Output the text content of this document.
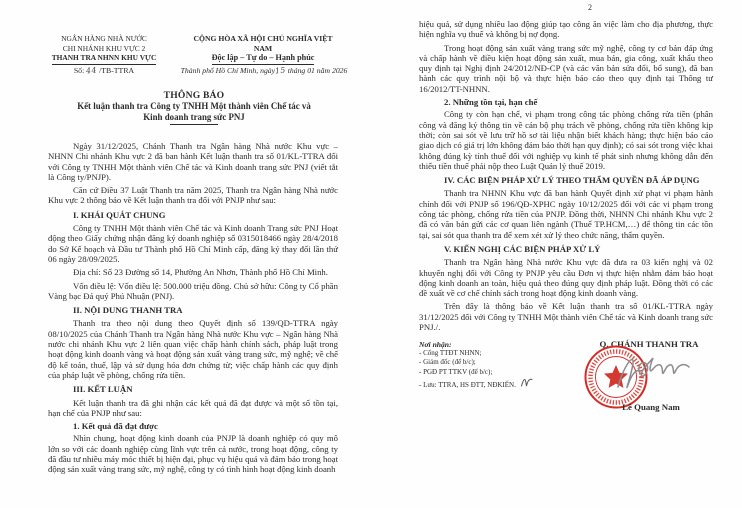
NGÂN HÀNG NHÀ NƯỚC
CHI NHÁNH KHU VỰC 2
THANH TRA NHNN KHU VỰC
Số: 44 /TB-TTRA
CỘNG HÒA XÃ HỘI CHỦ NGHĨA VIỆT NAM
Độc lập – Tự do – Hạnh phúc
Thành phố Hồ Chí Minh, ngày15 tháng 01 năm 2026
THÔNG BÁO
Kết luận thanh tra Công ty TNHH Một thành viên Chế tác và
Kinh doanh trang sức PNJ

Ngày 31/12/2025, Chánh Thanh tra Ngân hàng Nhà nước Khu vực – NHNN Chi nhánh Khu vực 2 đã ban hành Kết luận thanh tra số 01/KL-TTRA đối với Công ty TNHH Một thành viên Chế tác và Kinh doanh trang sức PNJ (viết tắt là Công ty/PNJP).

Căn cứ Điều 37 Luật Thanh tra năm 2025, Thanh tra Ngân hàng Nhà nước Khu vực 2 thông báo về Kết luận thanh tra đối với PNJP như sau:

I. KHÁI QUÁT CHUNG

Công ty TNHH Một thành viên Chế tác và Kinh doanh Trang sức PNJ Hoạt động theo Giấy chứng nhận đăng ký doanh nghiệp số 0315018466 ngày 28/4/2018 do Sở Kế hoạch và Đầu tư Thành phố Hồ Chí Minh cấp, đăng ký thay đổi lần thứ 06 ngày 28/09/2025.

Địa chỉ: Số 23 Đường số 14, Phường An Nhơn, Thành phố Hồ Chí Minh.

Vốn điều lệ: Vốn điều lệ: 500.000 triệu đồng. Chủ sở hữu: Công ty Cổ phần Vàng bạc Đá quý Phú Nhuận (PNJ).

II. NỘI DUNG THANH TRA

Thanh tra theo nội dung theo Quyết định số 139/QD-TTRA ngày 08/10/2025 của Chánh Thanh tra Ngân hàng Nhà nước Khu vực – Ngân hàng Nhà nước chi nhánh Khu vực 2 liên quan việc chấp hành chính sách, pháp luật trong hoạt động kinh doanh vàng và hoạt động sản xuất vàng trang sức, mỹ nghệ; về chế độ kế toán, thuế, lập và sử dụng hóa đơn chứng từ; việc chấp hành các quy định của pháp luật về phòng, chống rửa tiền.

III. KẾT LUẬN

Kết luận thanh tra đã ghi nhận các kết quả đã đạt được và một số tồn tại, hạn chế của PNJP như sau:

1. Kết quả đã đạt được

Nhìn chung, hoạt động kinh doanh của PNJP là doanh nghiệp có quy mô lớn so với các doanh nghiệp cùng lĩnh vực trên cả nước, trong hoạt động, công ty đã đầu tư nhiều máy móc thiết bị hiện đại, phục vụ hiệu quả và đảm bảo trong hoạt động sản xuất vàng trang sức, mỹ nghệ, công ty có tình hình hoạt động kinh doanh

2

hiệu quả, sử dụng nhiều lao động giúp tạo công ăn việc làm cho địa phương, thực hiện nghĩa vụ thuế và không bị nợ đọng.

Trong hoạt động sản xuất vàng trang sức mỹ nghệ, công ty cơ bản đáp ứng và chấp hành về điều kiện hoạt động sản xuất, mua bán, gia công, xuất khẩu theo quy định tại Nghị định 24/2012/NĐ-CP (và các văn bản sửa đổi, bổ sung), đã ban hành các quy trình nội bộ và thực hiện báo cáo theo quy định tại Thông tư 16/2012/TT-NHNN.

2. Những tồn tại, hạn chế

Công ty còn hạn chế, vi phạm trong công tác phòng chống rửa tiền (phân công và đăng ký thông tin về cán bộ phụ trách về phòng, chống rửa tiền không kịp thời; còn sai sót về lưu trữ hồ sơ tài liệu nhận biết khách hàng; thực hiện báo cáo giao dịch có giá trị lớn không đảm bảo thời hạn quy định); có sai sót trong việc khai không đúng kỳ tính thuế đối với nghiệp vụ kinh tế phát sinh nhưng không dẫn đến thiếu tiền thuế phải nộp theo Luật Quản lý thuế 2019.

IV. CÁC BIỆN PHÁP XỬ LÝ THEO THẨM QUYỀN ĐÃ ÁP DỤNG

Thanh tra NHNN Khu vực đã ban hành Quyết định xử phạt vi phạm hành chính đối với PNJP số 196/QĐ-XPHC ngày 10/12/2025 đối với các vi phạm trong công tác phòng, chống rửa tiền của PNJP. Đồng thời, NHNN Chi nhánh Khu vực 2 đã có văn bản gửi các cơ quan liên ngành (Thuế TP.HCM,…) để thông tin các tồn tại, sai sót qua thanh tra để xem xét xử lý theo chức năng, thẩm quyền.

V. KIẾN NGHỊ CÁC BIỆN PHÁP XỬ LÝ

Thanh tra Ngân hàng Nhà nước Khu vực đã đưa ra 03 kiến nghị và 02 khuyến nghị đối với Công ty PNJP yêu cầu Đơn vị thực hiện nhằm đảm bảo hoạt động kinh doanh an toàn, hiệu quả theo đúng quy định pháp luật. Đồng thời có các đề xuất về cơ chế chính sách trong hoạt động kinh doanh vàng.

Trên đây là thông báo về Kết luận thanh tra số 01/KL-TTRA ngày 31/12/2025 đối với Công ty TNHH Một thành viên Chế tác và Kinh doanh trang sức PNJ./.

Nơi nhận:
- Cổng TTĐT NHNN;
- Giám đốc (để b/c);
- PGĐ PT TTKV (để b/c);
- Lưu: TTRA, HS ĐTT, NĐKIẾN.
Q. CHÁNH THANH TRA
Lê Quang Nam
